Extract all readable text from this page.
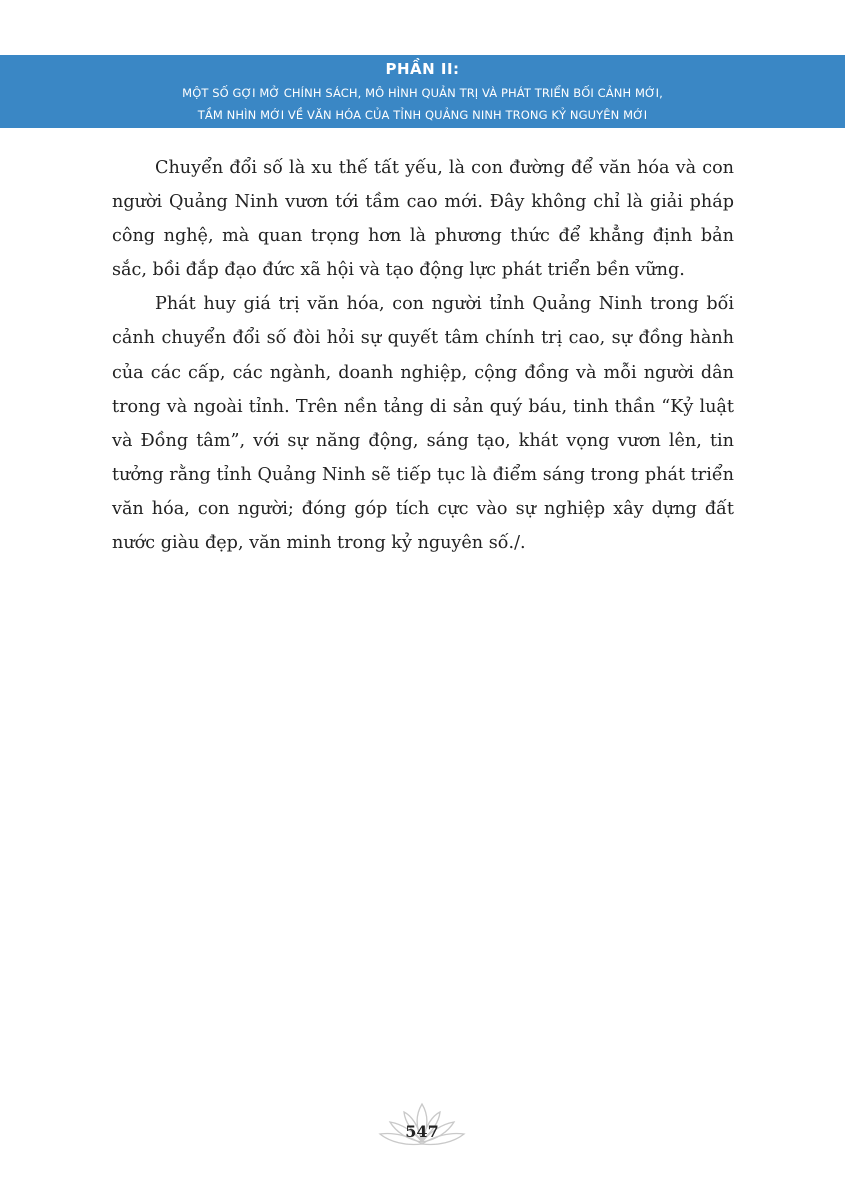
PHẦN II:
MỘT SỐ GỢI MỞ CHÍNH SÁCH, MÔ HÌNH QUẢN TRỊ VÀ PHÁT TRIỂN BỐI CẢNH MỚI,
TẦM NHÌN MỚI VỀ VĂN HÓA CỦA TỈNH QUẢNG NINH TRONG KỶ NGUYÊN MỚI

Chuyển đổi số là xu thế tất yếu, là con đường để văn hóa và con người Quảng Ninh vươn tới tầm cao mới. Đây không chỉ là giải pháp công nghệ, mà quan trọng hơn là phương thức để khẳng định bản sắc, bồi đắp đạo đức xã hội và tạo động lực phát triển bền vững.

Phát huy giá trị văn hóa, con người tỉnh Quảng Ninh trong bối cảnh chuyển đổi số đòi hỏi sự quyết tâm chính trị cao, sự đồng hành của các cấp, các ngành, doanh nghiệp, cộng đồng và mỗi người dân trong và ngoài tỉnh. Trên nền tảng di sản quý báu, tinh thần “Kỷ luật và Đồng tâm”, với sự năng động, sáng tạo, khát vọng vươn lên, tin tưởng rằng tỉnh Quảng Ninh sẽ tiếp tục là điểm sáng trong phát triển văn hóa, con người; đóng góp tích cực vào sự nghiệp xây dựng đất nước giàu đẹp, văn minh trong kỷ nguyên số./.

547
